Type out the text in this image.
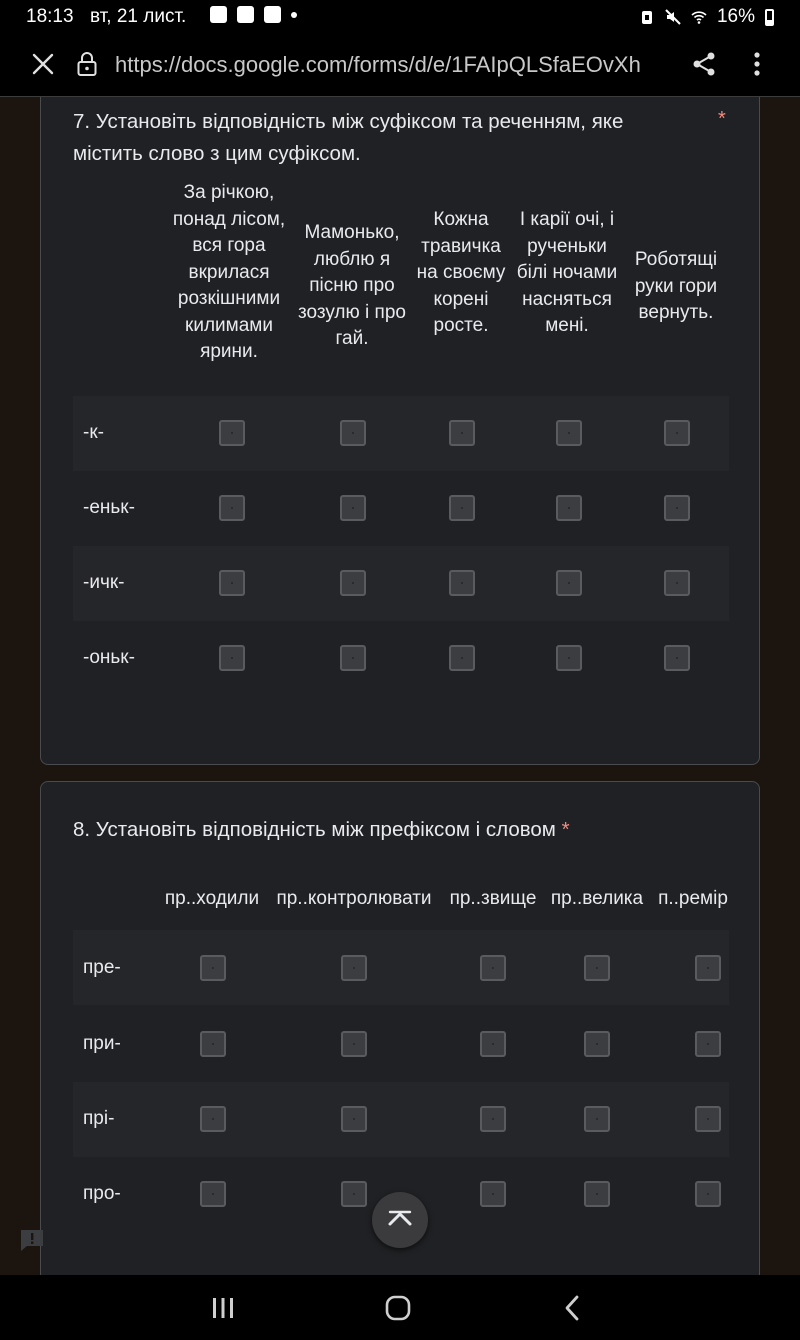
18:13 вт, 21 лист.	16%
https://docs.google.com/forms/d/e/1FAIpQLSfaEOvXh
7. Установіть відповідність між суфіксом та реченням, яке містить слово з цим суфіксом.
*
За річкою, понад лісом, вся гора вкрилася розкішними килимами ярини.
Мамонько, люблю я пісню про зозулю і про гай.
Кожна травичка на своєму корені росте.
І карії очі, і рученьки білі ночами насняться мені.
Роботящі руки гори вернуть.
-к-
-еньк-
-ичк-
-оньк-
8. Установіть відповідність між префіксом і словом *
пр..ходили пр..контролювати пр..звище пр..велика п..ремір
пре-
при-
прі-
про-
